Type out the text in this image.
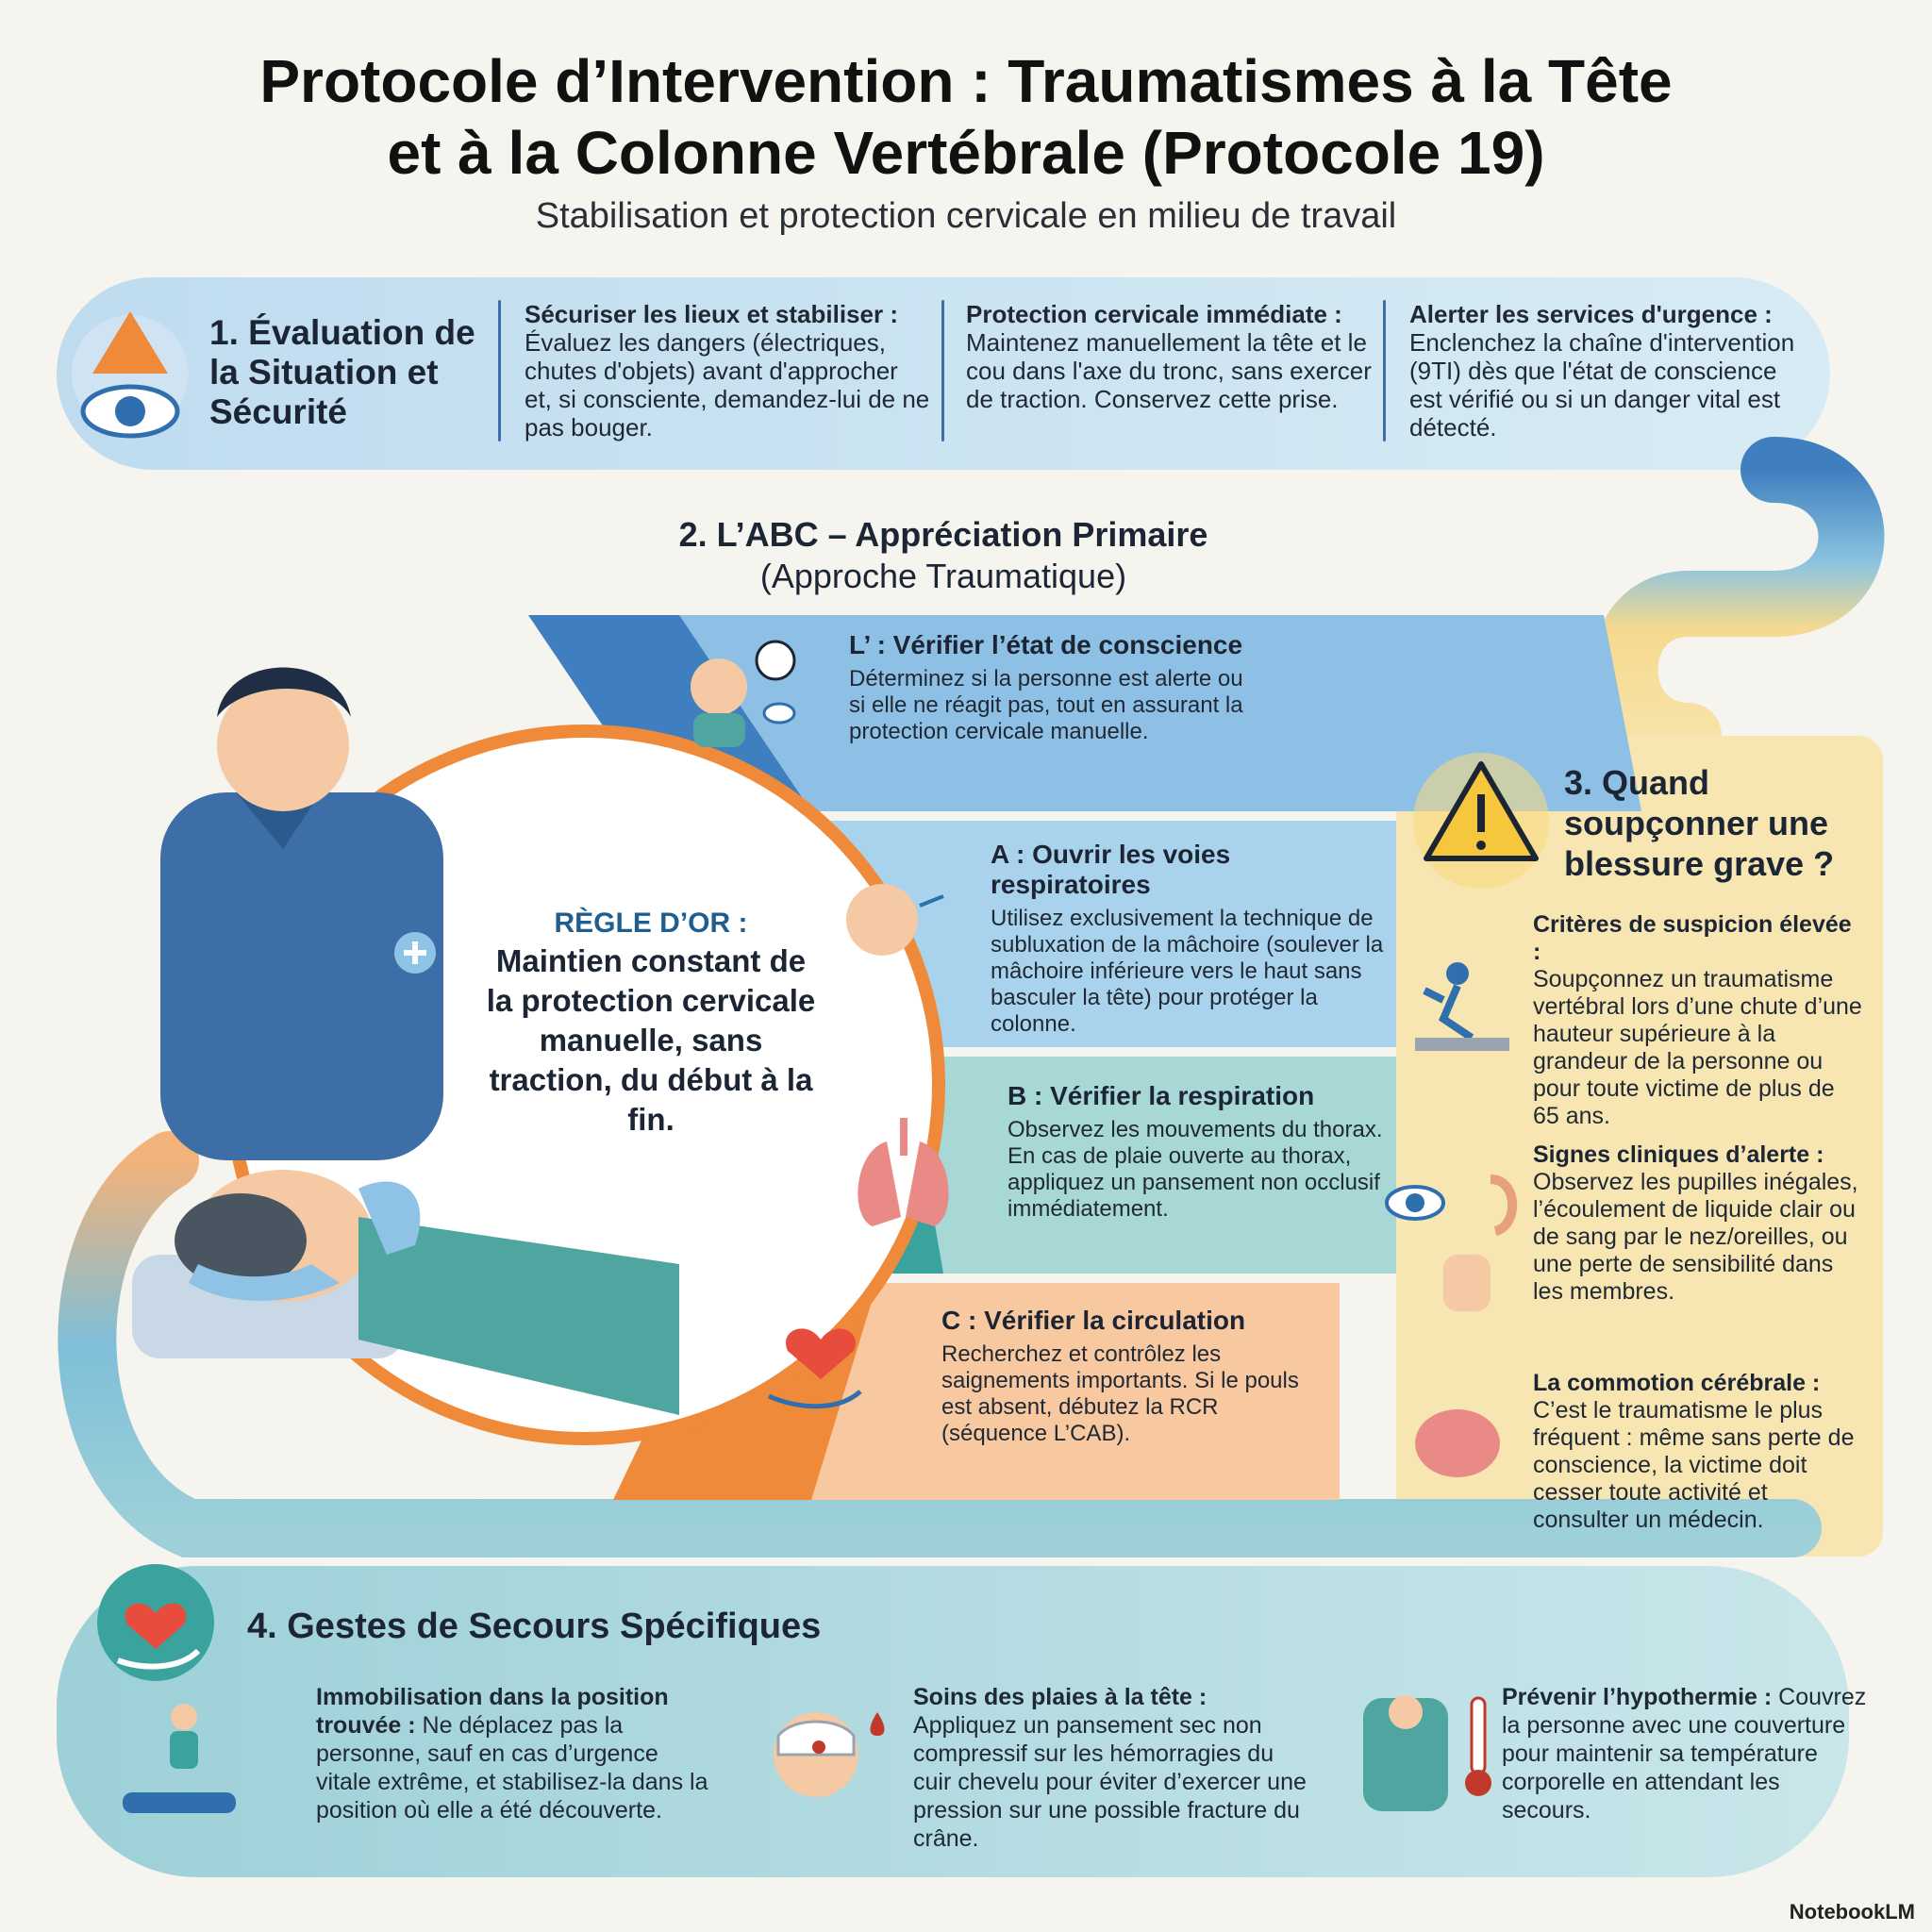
Protocole d’Intervention : Traumatismes à la Tête
et à la Colonne Vertébrale (Protocole 19)
Stabilisation et protection cervicale en milieu de travail
1. Évaluation de la Situation et Sécurité
Sécuriser les lieux et stabiliser :
Évaluez les dangers (électriques, chutes d'objets) avant d'approcher et, si consciente, demandez-lui de ne pas bouger.
Protection cervicale immédiate :
Maintenez manuellement la tête et le cou dans l'axe du tronc, sans exercer de traction. Conservez cette prise.
Alerter les services d'urgence :
Enclenchez la chaîne d'intervention (9TI) dès que l'état de conscience est vérifié ou si un danger vital est détecté.
2. L’ABC – Appréciation Primaire
(Approche Traumatique)
RÈGLE D’OR :
Maintien constant de la protection cervicale manuelle, sans traction, du début à la fin.
L’ : Vérifier l’état de conscience
Déterminez si la personne est alerte ou si elle ne réagit pas, tout en assurant la protection cervicale manuelle.
A : Ouvrir les voies respiratoires
Utilisez exclusivement la technique de subluxation de la mâchoire (soulever la mâchoire inférieure vers le haut sans basculer la tête) pour protéger la colonne.
B : Vérifier la respiration
Observez les mouvements du thorax. En cas de plaie ouverte au thorax, appliquez un pansement non occlusif immédiatement.
C : Vérifier la circulation
Recherchez et contrôlez les saignements importants. Si le pouls est absent, débutez la RCR (séquence L’CAB).
3. Quand soupçonner une blessure grave ?
Critères de suspicion élevée :
Soupçonnez un traumatisme vertébral lors d’une chute d’une hauteur supérieure à la grandeur de la personne ou pour toute victime de plus de 65 ans.
Signes cliniques d’alerte :
Observez les pupilles inégales, l’écoulement de liquide clair ou de sang par le nez/oreilles, ou une perte de sensibilité dans les membres.
La commotion cérébrale :
C’est le traumatisme le plus fréquent : même sans perte de conscience, la victime doit cesser toute activité et consulter un médecin.
4. Gestes de Secours Spécifiques
Immobilisation dans la position trouvée : Ne déplacez pas la personne, sauf en cas d’urgence vitale extrême, et stabilisez-la dans la position où elle a été découverte.
Soins des plaies à la tête : Appliquez un pansement sec non compressif sur les hémorragies du cuir chevelu pour éviter d’exercer une pression sur une possible fracture du crâne.
Prévenir l’hypothermie : Couvrez la personne avec une couverture pour maintenir sa température corporelle en attendant les secours.
NotebookLM
